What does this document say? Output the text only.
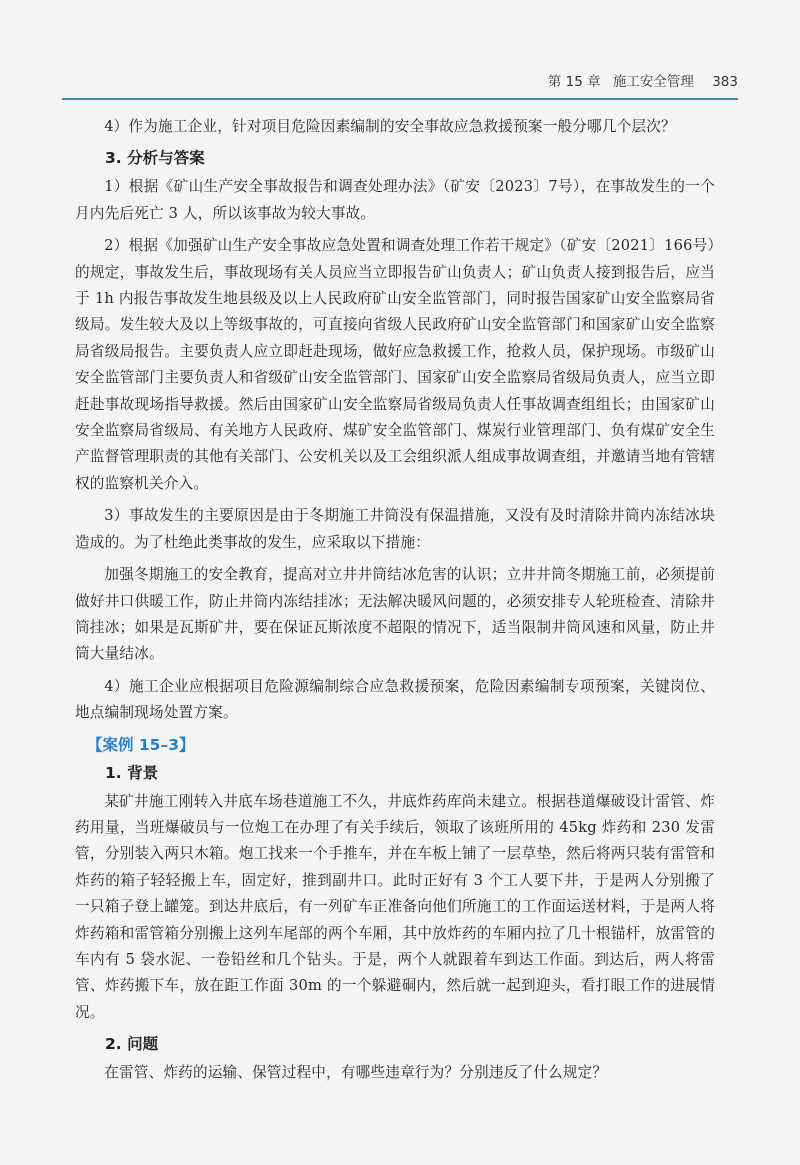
第 15 章 施工安全管理 383

4）作为施工企业，针对项目危险因素编制的安全事故应急救援预案一般分哪几个层次？

3. 分析与答案

1）根据《矿山生产安全事故报告和调查处理办法》（矿安〔2023〕7号），在事故发生的一个月内先后死亡 3 人，所以该事故为较大事故。

2）根据《加强矿山生产安全事故应急处置和调查处理工作若干规定》（矿安〔2021〕166号）的规定，事故发生后，事故现场有关人员应当立即报告矿山负责人；矿山负责人接到报告后，应当于 1h 内报告事故发生地县级及以上人民政府矿山安全监管部门，同时报告国家矿山安全监察局省级局。发生较大及以上等级事故的，可直接向省级人民政府矿山安全监管部门和国家矿山安全监察局省级局报告。主要负责人应立即赶赴现场，做好应急救援工作，抢救人员，保护现场。市级矿山安全监管部门主要负责人和省级矿山安全监管部门、国家矿山安全监察局省级局负责人，应当立即赶赴事故现场指导救援。然后由国家矿山安全监察局省级局负责人任事故调查组组长；由国家矿山安全监察局省级局、有关地方人民政府、煤矿安全监管部门、煤炭行业管理部门、负有煤矿安全生产监督管理职责的其他有关部门、公安机关以及工会组织派人组成事故调查组，并邀请当地有管辖权的监察机关介入。

3）事故发生的主要原因是由于冬期施工井筒没有保温措施，又没有及时清除井筒内冻结冰块造成的。为了杜绝此类事故的发生，应采取以下措施：

加强冬期施工的安全教育，提高对立井井筒结冰危害的认识；立井井筒冬期施工前，必须提前做好井口供暖工作，防止井筒内冻结挂冰；无法解决暖风问题的，必须安排专人轮班检查、清除井筒挂冰；如果是瓦斯矿井，要在保证瓦斯浓度不超限的情况下，适当限制井筒风速和风量，防止井筒大量结冰。

4）施工企业应根据项目危险源编制综合应急救援预案，危险因素编制专项预案，关键岗位、地点编制现场处置方案。

【案例 15–3】
1. 背景

某矿井施工刚转入井底车场巷道施工不久，井底炸药库尚未建立。根据巷道爆破设计雷管、炸药用量，当班爆破员与一位炮工在办理了有关手续后，领取了该班所用的 45kg 炸药和 230 发雷管，分别装入两只木箱。炮工找来一个手推车，并在车板上铺了一层草垫，然后将两只装有雷管和炸药的箱子轻轻搬上车，固定好，推到副井口。此时正好有 3 个工人要下井，于是两人分别搬了一只箱子登上罐笼。到达井底后，有一列矿车正准备向他们所施工的工作面运送材料，于是两人将炸药箱和雷管箱分别搬上这列车尾部的两个车厢，其中放炸药的车厢内拉了几十根锚杆，放雷管的车内有 5 袋水泥、一卷铅丝和几个钻头。于是，两个人就跟着车到达工作面。到达后，两人将雷管、炸药搬下车，放在距工作面 30m 的一个躲避硐内，然后就一起到迎头，看打眼工作的进展情况。

2. 问题

在雷管、炸药的运输、保管过程中，有哪些违章行为？分别违反了什么规定？
